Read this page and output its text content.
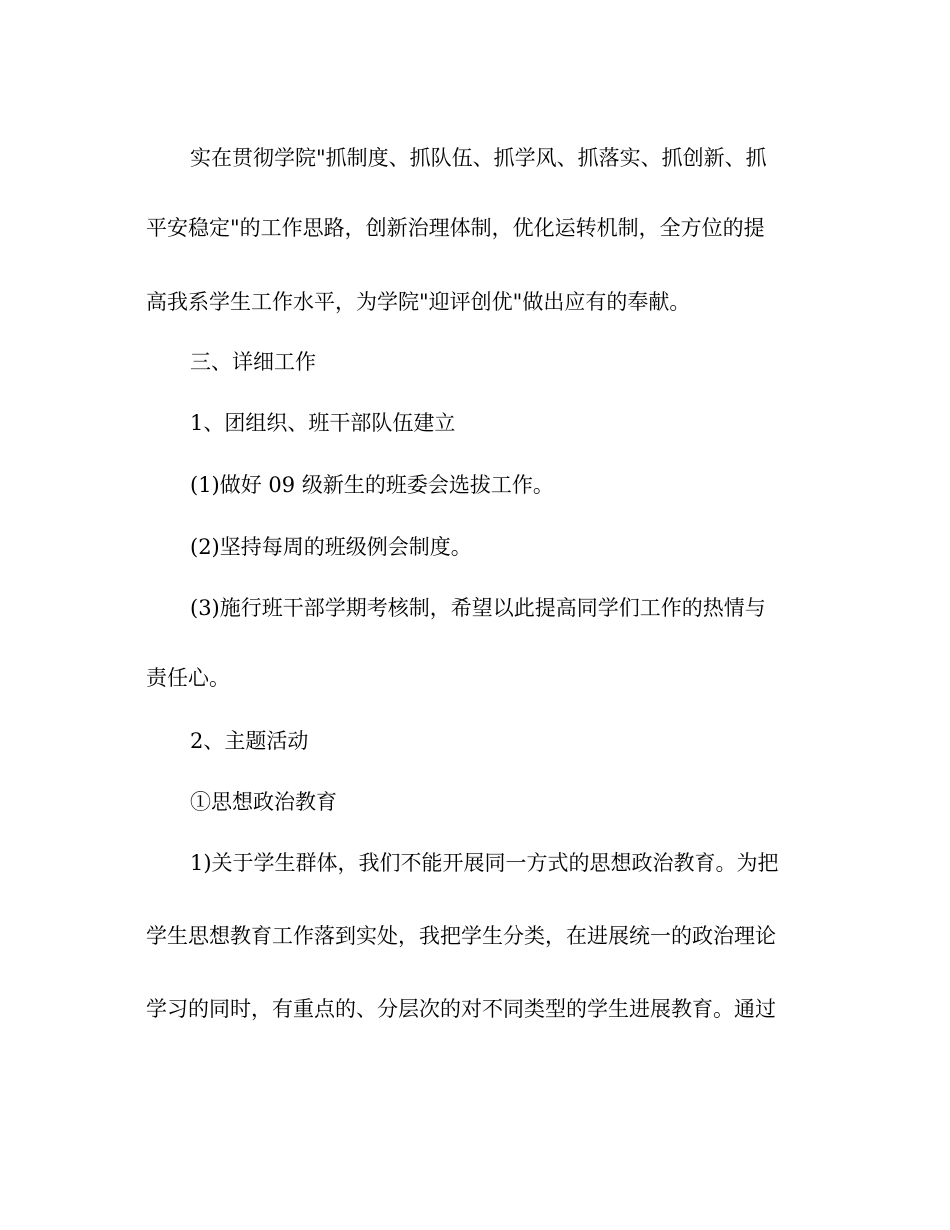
实在贯彻学院"抓制度、抓队伍、抓学风、抓落实、抓创新、抓
平安稳定"的工作思路，创新治理体制，优化运转机制，全方位的提
高我系学生工作水平，为学院"迎评创优"做出应有的奉献。
三、详细工作
1、团组织、班干部队伍建立
(1)做好 09 级新生的班委会选拔工作。
(2)坚持每周的班级例会制度。
(3)施行班干部学期考核制，希望以此提高同学们工作的热情与
责任心。
2、主题活动
①思想政治教育
1)关于学生群体，我们不能开展同一方式的思想政治教育。为把
学生思想教育工作落到实处，我把学生分类，在进展统一的政治理论
学习的同时，有重点的、分层次的对不同类型的学生进展教育。通过
